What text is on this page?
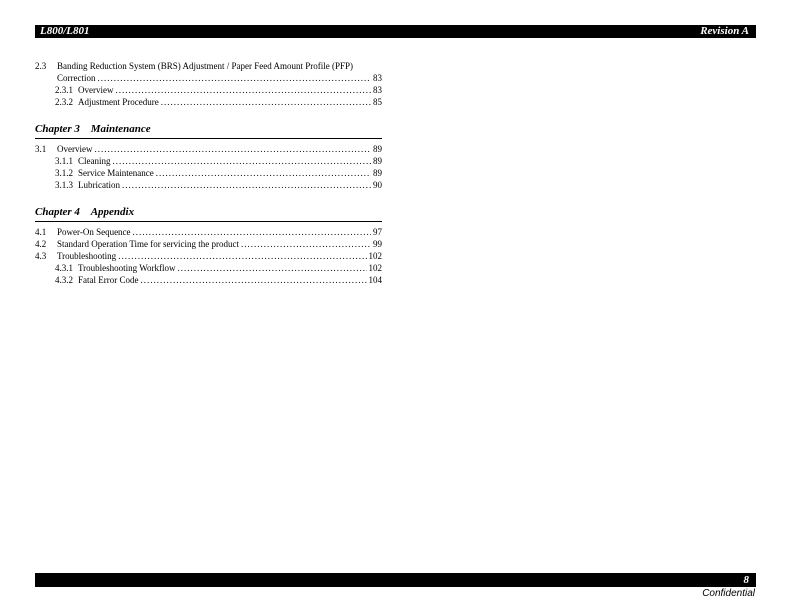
L800/L801	Revision A
2.3	Banding Reduction System (BRS) Adjustment / Paper Feed Amount Profile (PFP)
Correction .....	83
2.3.1 Overview .....	83
2.3.2 Adjustment Procedure .....	85
Chapter 3 Maintenance
3.1	Overview .....	89
3.1.1 Cleaning .....	89
3.1.2 Service Maintenance .....	89
3.1.3 Lubrication .....	90
Chapter 4 Appendix
4.1	Power-On Sequence .....	97
4.2	Standard Operation Time for servicing the product .....	99
4.3	Troubleshooting .....	102
4.3.1 Troubleshooting Workflow .....	102
4.3.2 Fatal Error Code .....	104
8
Confidential
